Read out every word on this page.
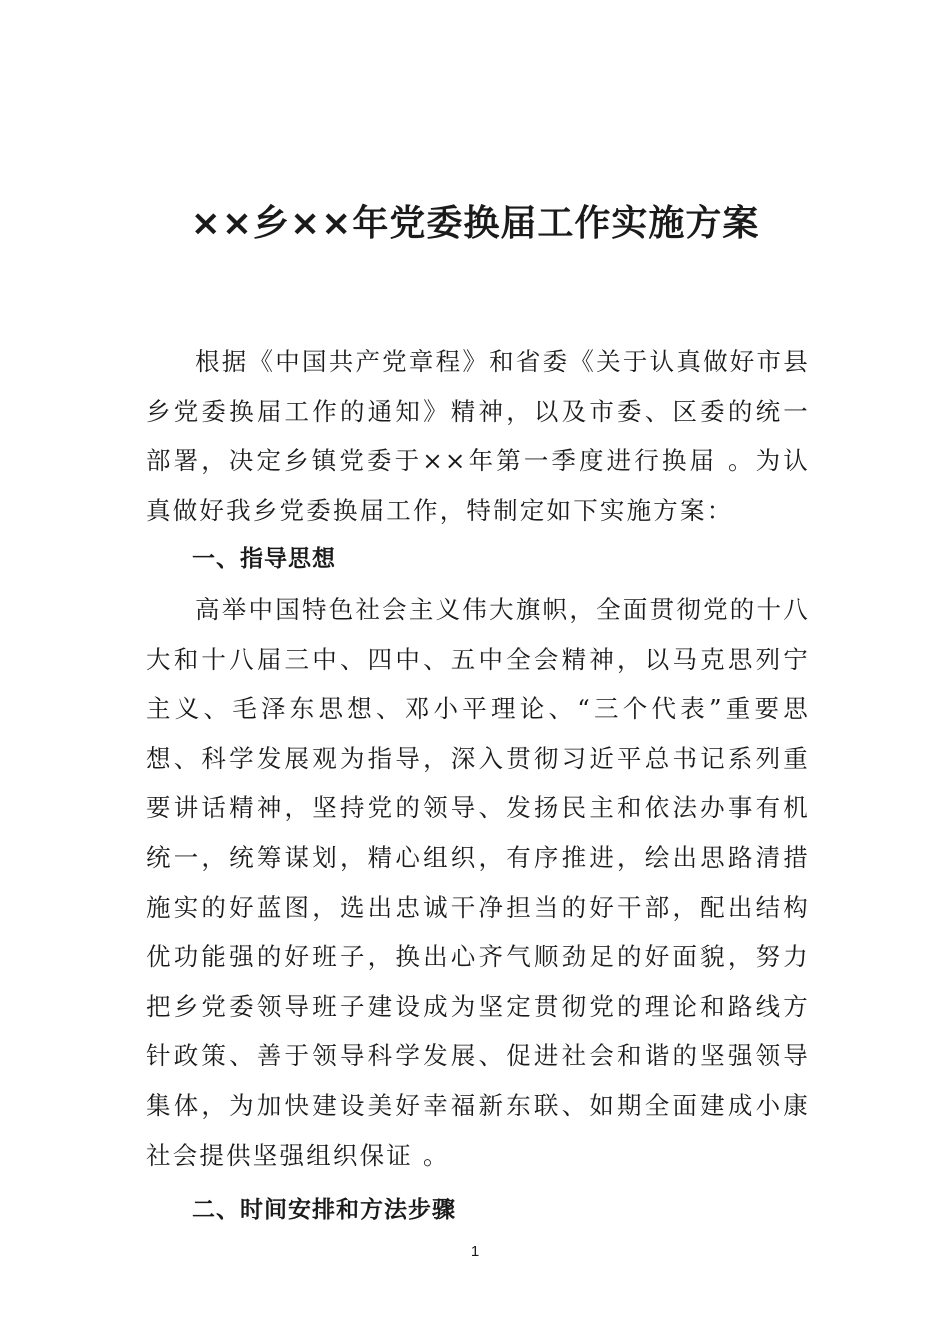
××乡××年党委换届工作实施方案

根据《中国共产党章程》和省委《关于认真做好市县乡党委换届工作的通知》精神，以及市委、区委的统一部署，决定乡镇党委于××年第一季度进行换届 。为认真做好我乡党委换届工作，特制定如下实施方案：

一、指导思想

高举中国特色社会主义伟大旗帜，全面贯彻党的十八大和十八届三中、四中、五中全会精神，以马克思列宁主义、毛泽东思想、邓小平理论、“三个代表”重要思想、科学发展观为指导，深入贯彻习近平总书记系列重要讲话精神，坚持党的领导、发扬民主和依法办事有机统一，统筹谋划，精心组织，有序推进，绘出思路清措施实的好蓝图，选出忠诚干净担当的好干部，配出结构优功能强的好班子，换出心齐气顺劲足的好面貌，努力把乡党委领导班子建设成为坚定贯彻党的理论和路线方针政策、善于领导科学发展、促进社会和谐的坚强领导集体，为加快建设美好幸福新东联、如期全面建成小康社会提供坚强组织保证 。

二、时间安排和方法步骤

1
